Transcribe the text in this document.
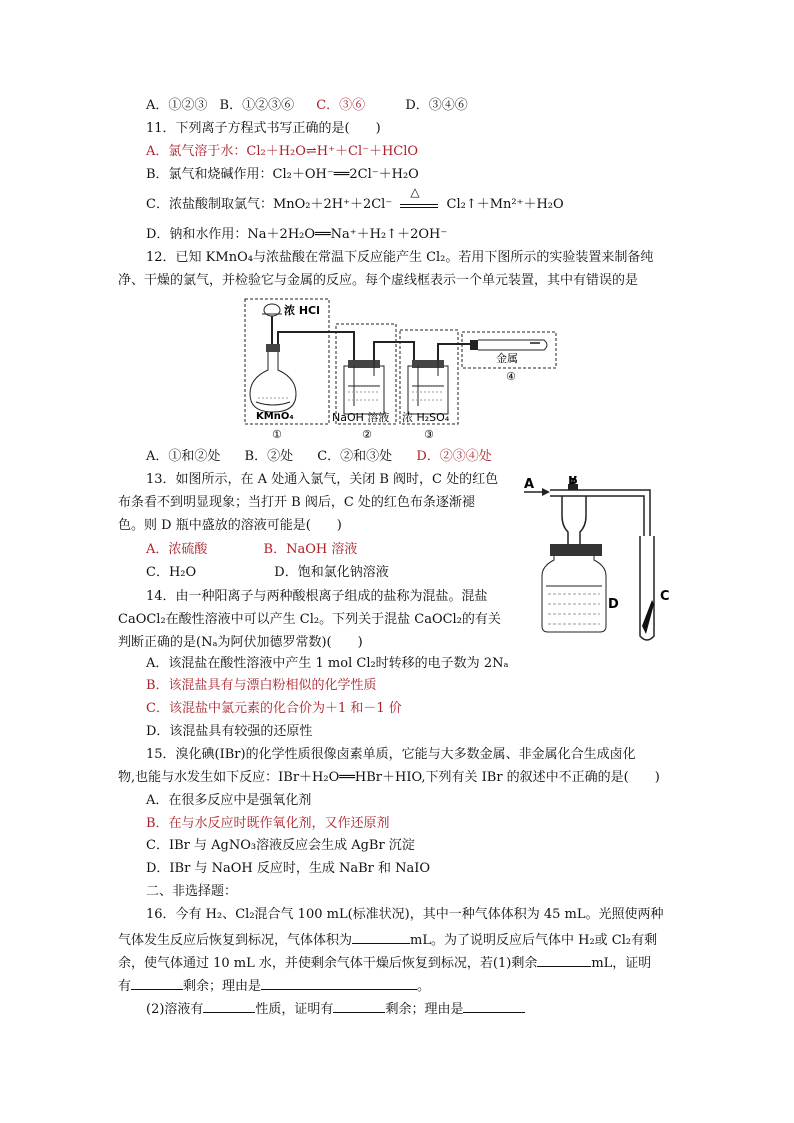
A．①②③ B．①②③⑥ C．③⑥	D．③④⑥
11．下列离子方程式书写正确的是(　　)
A．氯气溶于水：Cl₂＋H₂O⇌H⁺＋Cl⁻＋HClO
B．氯气和烧碱作用：Cl₂＋OH⁻══2Cl⁻＋H₂O
C．浓盐酸制取氯气：MnO₂＋2H⁺＋2Cl⁻
△
Cl₂↑＋Mn²⁺＋H₂O
D．钠和水作用：Na＋2H₂O══Na⁺＋H₂↑＋2OH⁻
12．已知 KMnO₄与浓盐酸在常温下反应能产生 Cl₂。若用下图所示的实验装置来制备纯
净、干燥的氯气，并检验它与金属的反应。每个虚线框表示一个单元装置，其中有错误的是
浓 HCl
KMnO₄	NaOH 溶液 浓 H₂SO₄
金属
①	②	③
④
A．①和②处 B．②处 C．②和③处 D．②③④处
13．如图所示，在 A 处通入氯气，关闭 B 阀时，C 处的红色
布条看不到明显现象；当打开 B 阀后，C 处的红色布条逐渐褪
色。则 D 瓶中盛放的溶液可能是(　　)
A．浓硫酸	B．NaOH 溶液
C．H₂O	D．饱和氯化钠溶液
A	B
D
C
14．由一种阳离子与两种酸根离子组成的盐称为混盐。混盐
CaOCl₂在酸性溶液中可以产生 Cl₂。下列关于混盐 CaOCl₂的有关
判断正确的是(Nₐ为阿伏加德罗常数)(　　)
A．该混盐在酸性溶液中产生 1 mol Cl₂时转移的电子数为 2Nₐ
B．该混盐具有与漂白粉相似的化学性质
C．该混盐中氯元素的化合价为＋1 和－1 价
D．该混盐具有较强的还原性
15．溴化碘(IBr)的化学性质很像卤素单质，它能与大多数金属、非金属化合生成卤化
物,也能与水发生如下反应：IBr＋H₂O══HBr＋HIO,下列有关 IBr 的叙述中不正确的是(　　)
A．在很多反应中是强氧化剂
B．在与水反应时既作氧化剂，又作还原剂
C．IBr 与 AgNO₃溶液反应会生成 AgBr 沉淀
D．IBr 与 NaOH 反应时，生成 NaBr 和 NaIO
二、非选择题：
16．今有 H₂、Cl₂混合气 100 mL(标准状况)，其中一种气体体积为 45 mL。光照使两种
气体发生反应后恢复到标况，气体体积为	mL。为了说明反应后气体中 H₂或 Cl₂有剩
余，使气体通过 10 mL 水，并使剩余气体干燥后恢复到标况，若(1)剩余	mL，证明
有	剩余；理由是	。
(2)溶液有	性质，证明有	剩余；理由是
